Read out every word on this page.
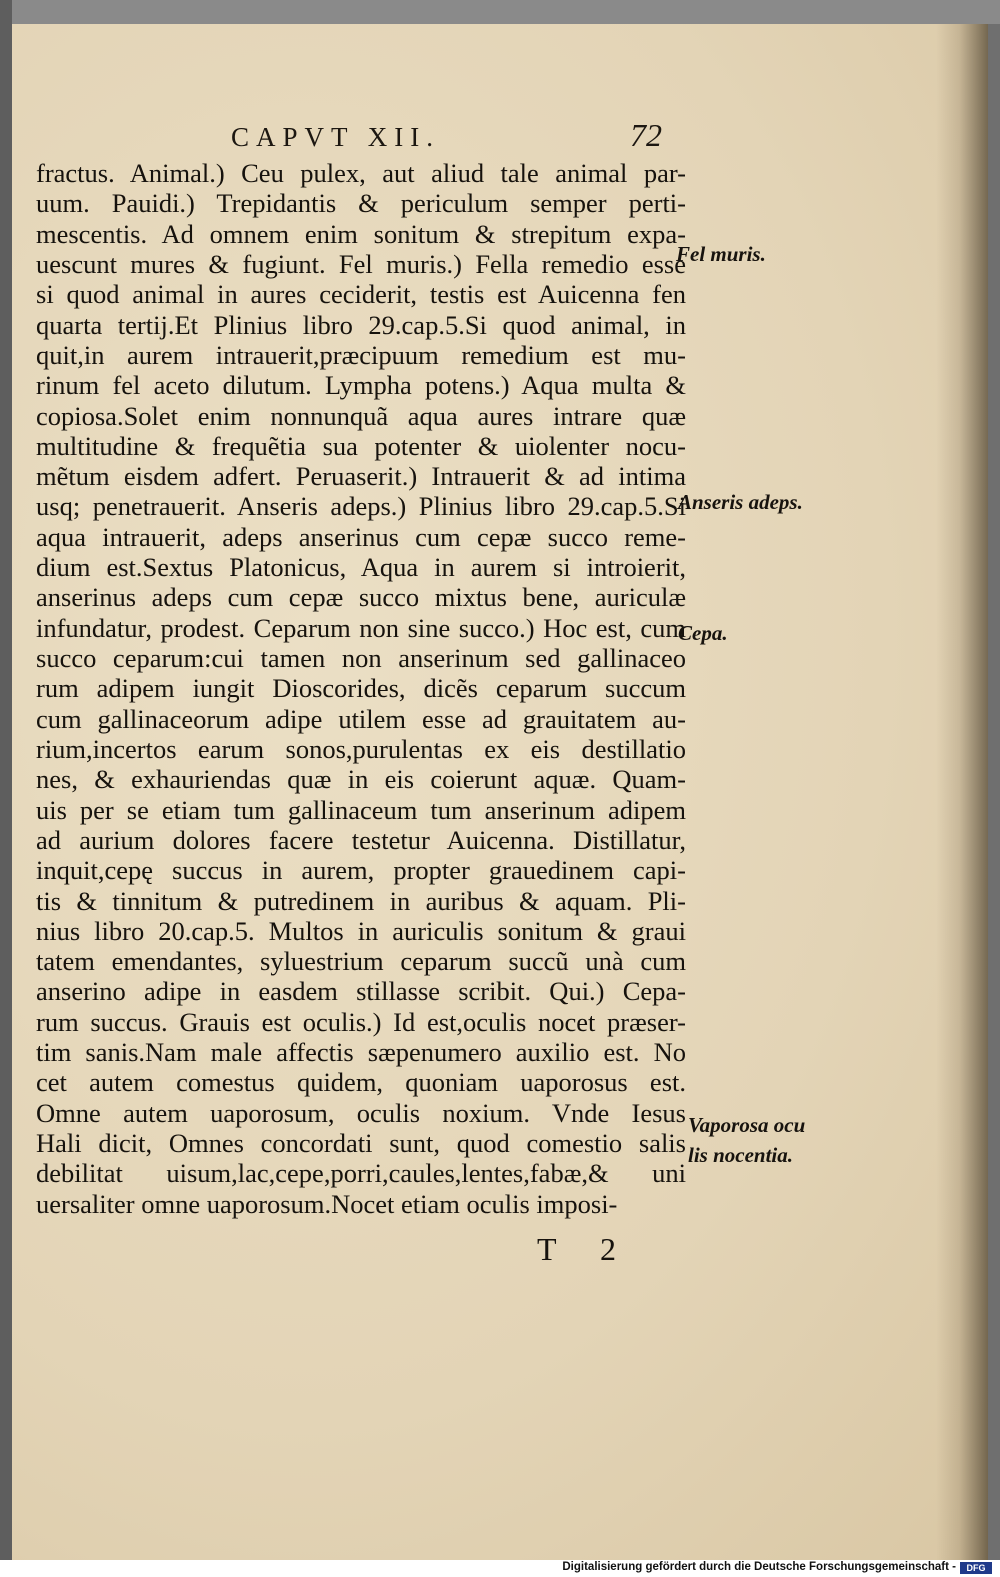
CAPVT XII.	72
fractus. Animal.) Ceu pulex, aut aliud tale animal par-
uum. Pauidi.) Trepidantis & periculum semper perti-
mescentis. Ad omnem enim sonitum & strepitum expa-
uescunt mures & fugiunt. Fel muris.) Fella remedio esse
si quod animal in aures ceciderit, testis est Auicenna fen
quarta tertij.Et Plinius libro 29.cap.5.Si quod animal, in
quit,in aurem intrauerit,præcipuum remedium est mu-
rinum fel aceto dilutum. Lympha potens.) Aqua multa &
copiosa.Solet enim nonnunquã aqua aures intrare quæ
multitudine & frequẽtia sua potenter & uiolenter nocu-
mẽtum eisdem adfert. Peruaserit.) Intrauerit & ad intima
usq; penetrauerit. Anseris adeps.) Plinius libro 29.cap.5.Si
aqua intrauerit, adeps anserinus cum cepæ succo reme-
dium est.Sextus Platonicus, Aqua in aurem si introierit,
anserinus adeps cum cepæ succo mixtus bene, auriculæ
infundatur, prodest. Ceparum non sine succo.) Hoc est, cum
succo ceparum:cui tamen non anserinum sed gallinaceo
rum adipem iungit Dioscorides, dicẽs ceparum succum
cum gallinaceorum adipe utilem esse ad grauitatem au-
rium,incertos earum sonos,purulentas ex eis destillatio
nes, & exhauriendas quæ in eis coierunt aquæ. Quam-
uis per se etiam tum gallinaceum tum anserinum adipem
ad aurium dolores facere testetur Auicenna. Distillatur,
inquit,cepę succus in aurem, propter grauedinem capi-
tis & tinnitum & putredinem in auribus & aquam. Pli-
nius libro 20.cap.5. Multos in auriculis sonitum & graui
tatem emendantes, syluestrium ceparum succũ unà cum
anserino adipe in easdem stillasse scribit. Qui.) Cepa-
rum succus. Grauis est oculis.) Id est,oculis nocet præser-
tim sanis.Nam male affectis sæpenumero auxilio est. No
cet autem comestus quidem, quoniam uaporosus est.
Omne autem uaporosum, oculis noxium. Vnde Iesus
Hali dicit, Omnes concordati sunt, quod comestio salis
debilitat uisum,lac,cepe,porri,caules,lentes,fabæ,& uni
uersaliter omne uaporosum.Nocet etiam oculis imposi-
Fel muris.
Anseris adeps.
Cepa.
Vaporosa ocu
lis nocentia.
T 2
Digitalisierung gefördert durch die Deutsche Forschungsgemeinschaft -	DFG
